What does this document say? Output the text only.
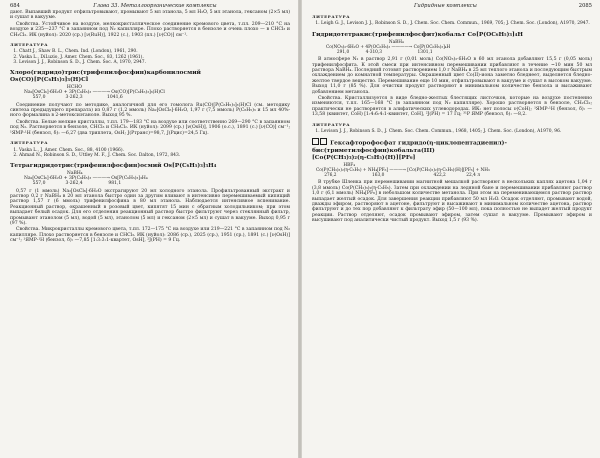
684	Глава 33. Металлоорганические комплексы

дают. Выпавший продукт отфильтровывают, промывают 5 мл этанола, 5 мл H₂O, 5 мл этанола, гексаном (2×5 мл) и сушат в вакууме.

Свойства. Устойчивое на воздухе, мелкокристаллическое соединение кремового цвета, т.пл. 209—210 °C на воздухе и 235—237 °C в запаянном под N₂ капилляре. Плохо растворяется в бензоле и очень плохо — в CHCl₃ и CH₂Cl₂. ИК (нуйол): 2020 (ср.) [ν(RuH)], 1922 (с.), 1903 (пл.) [ν(CO)] см⁻¹.

ЛИТЕРАТУРА
1. Chatt J., Shaw B. L., Chem. Ind. (London), 1961, 290.
2. Vaska L., DiLuzio, J. Amer. Chem. Soc., 83, 1262 (1961).
3. Levison J. J., Robinson S. D., J. Chem. Soc. A, 1970, 2947.
Хлоро(гидридо)трис(трифенилфосфин)карбонилосмий
Os(CO)[P(C₆H₅)₃]₃(H)Cl
HCHO
Na₂[OsCl₆]·6H₂O + 3P(C₆H₅)₃ ———→ Os(CO)[P(C₆H₅)₃]₃(H)Cl
557,0              3·262,3                 1041,6

Соединение получают по методике, аналогичной для его гомолога Ru(CO)[P(C₆H₅)₃]₃(H)Cl (см. методику синтеза предыдущего препарата) из 0,87 г (1,2 ммоль) Na₂[OsCl₆]·6H₂O, 1,97 г (7,5 ммоль) P(C₆H₅)₃ и 15 мл 40%-ного формалина в 2-метоксиэтаноле. Выход 95 %.

Свойства. Белые мелкие кристаллы, т.пл. 179—183 °C на воздухе или соответственно 269—290 °C в запаянном под N₂. Растворяется в бензоле, CHCl₃ и CH₂Cl₂. ИК (нуйол): 2099 (ср.) [ν(OsH)], 1906 (о.с.), 1891 (с.) [ν(CO)] см⁻¹; ¹ЯМР-¹H (бензол, δ): —6,27 (два триплета, OsH; J(Pтранс)=98,7, J(Pцис)=24,5 Гц).

ЛИТЕРАТУРА
1. Vaska L., J. Amer. Chem. Soc., 88, 4100 (1966).
2. Ahmad N., Robinson S. D., Uttley M. F., J. Chem. Soc. Dalton, 1972, 843.
Тетрагидридотрис(трифенилфосфин)осмий Os[P(C₆H₅)₃]₃H₄
NaBH₄
Na₂[OsCl₆]·6H₂O + 3P(C₆H₅)₃ ———→ Os[P(C₆H₅)₃]₃H₄
557,0              3·262,4                  981,1

0,57 г (1 ммоль) Na₂[OsCl₆]·6H₂O экстрагируют 20 мл холодного этанола. Профильтрованный экстракт и раствор 0,2 г NaBH₄ в 20 мл этанола быстро один за другим вливают в интенсивно перемешиваемый кипящий раствор 1,57 г (6 ммоль) трифенилфосфина в 80 мл этанола. Наблюдается интенсивное вспенивание. Реакционный раствор, окрашенный в розовый цвет, кипятят 15 мин с обратным холодильником; при этом выпадает белый осадок. Для его отделения реакционный раствор быстро фильтруют через стеклянный фильтр, промывают этанолом (5 мл), водой (5 мл), этанолом (5 мл) и гексаном (2×5 мл) и сушат в вакууме. Выход 0,95 г (97 %).

Свойства. Микрокристаллы кремового цвета, т.пл. 172—175 °C на воздухе или 219—221 °C в запаянном под N₂ капилляре. Плохо растворяется в бензоле и CHCl₃. ИК (нуйол): 2086 (ср.), 2025 (ср.), 1951 (ср.), 1891 (с.) [ν(OsH)] см⁻¹; ¹ЯМР-¹H (бензол, δ): —7,85 [1:3:3:1-квартет, OsH], ²J(PH) = 9 Гц.

Гидридные комплексы	2085
ЛИТЕРАТУРА
1. Leigh G. J., Levison J. J., Robinson S. D., J. Chem. Soc. Chem. Commun., 1969, 705; J. Chem. Soc. (London), A1970, 2947.
Гидридотетракис(трифенилфосфит)кобальт Co[P(OC₆H₅)₃]₄H
NaBH₄
Co(NO₃)₂·6H₂O + 4P(OC₆H₅)₃ ————→ Co[P(OC₆H₅)₃]₄H
291,0            4·310,3                          1301,1

В атмосфере N₂ в раствор 2,91 г (0,01 моль) Co(NO₃)₂·6H₂O в 60 мл этанола добавляют 15,5 г (0,05 моль) трифенилфосфита. К этой смеси при интенсивном перемешивании прибавляют в течение ~10 мин 50 мл раствора NaBH₄. Последний готовят растворением 1,0 г NaBH₄ в 25 мл теплого этанола и последующим быстрым охлаждением до комнатной температуры. Окрашенный цвет Co(II)-иона заметно бледнеет, выделяется бледно-желтое твердое вещество. Перемешивание еще 10 мин, отфильтровывают в вакууме и сушат в высоком вакууме. Выход 11,0 г (85 %). Для очистки продукт растворяют в минимальном количестве бензола и высаживают добавлением метанола.

Свойства. Кристаллизуется в виде бледно-желтых блестящих листочков, которые на воздухе постепенно изменяются, т.пл. 165—168 °C (в запаянном под N₂ капилляре). Хорошо растворяется в бензоле, CH₂Cl₂; практически не растворяется в алифатических углеводородах. ИК: нет полосы ν(CoH); ¹ЯМР-¹H (бензол, δ): —13,58 (квинтет, CoH) [1:4:6:4:1-квинтет, CoH], ²J(PH) = 17 Гц; ³¹P ЯМР (бензол, δ): —8,2.

ЛИТЕРАТУРА
1. Levison J. J., Robinson S. D., J. Chem. Soc. Chem. Commun., 1968, 1405; J. Chem. Soc. (London), A1970, 96.
Гексафторофосфат гидридо(η-циклопентадиенил)-
бис(триметилфосфин)кобальта(III)
[Co(P(CH₃)₃)₂(η-C₅H₅)(H)][PF₆]
HBF₄
Co(P(CH₃)₃)₂(η-C₅H₅) + NH₄[PF₆] ———→ [Co(P(CH₃)₃)₂(η-C₅H₅)(H)][PF₆] + NH₃
276,2                          163,0                                    422,2               22,4 л

В трубке Шленка при перемешивании магнитной мешалкой растворяют в нескольких каплях ацетона 1,04 г (3,8 ммоль) Co(P(CH₃)₃)₂(η-C₅H₅). Затем при охлаждении на ледяной бане и перемешивании прибавляют раствор 1,0 г (6,1 ммоль) NH₄[PF₆] в небольшом количестве метанола. При этом на переменивающемся раствор раствор выпадает желтый осадок. Для завершения реакции прибавляют 50 мл H₂O. Осадок отделяют, промывают водой, дважды эфиром, растворяют в ацетоне, фильтруют и высаживают в минимальном количестве ацетона, раствор фильтруют и до тех пор добавляют к фильтрату эфир (50—100 мл), пока полностью не выпадет желтый продукт реакции. Раствор отделяют, осадок промывают эфиром, затем сушат в вакууме. Промывают эфиром и высушивают под аналитически чистый продукт. Выход 1,5 г (93 %).
